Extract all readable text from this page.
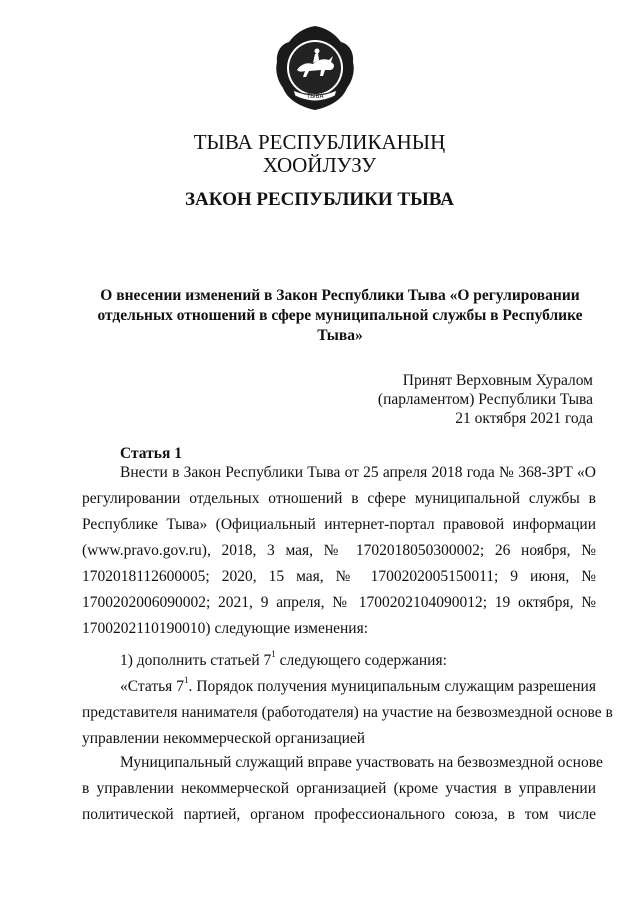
ТЫВА
ТЫВА РЕСПУБЛИКАНЫҢ
ХООЙЛУЗУ
ЗАКОН РЕСПУБЛИКИ ТЫВА
О внесении изменений в Закон Республики Тыва «О регулировании
отдельных отношений в сфере муниципальной службы в Республике
Тыва»
Принят Верховным Хуралом
(парламентом) Республики Тыва
21 октября 2021 года
Статья 1
Внести в Закон Республики Тыва от 25 апреля 2018 года № 368-ЗРТ «О
регулировании отдельных отношений в сфере муниципальной службы в
Республике Тыва» (Официальный интернет-портал правовой информации
(www.pravo.gov.ru), 2018, 3 мая, № 1702018050300002; 26 ноября, №
1702018112600005; 2020, 15 мая, № 1700202005150011; 9 июня, №
1700202006090002; 2021, 9 апреля, № 1700202104090012; 19 октября, №
1700202110190010) следующие изменения:
1) дополнить статьей $7^1$ следующего содержания:
«Статья $7^1$. Порядок получения муниципальным служащим разрешения
представителя нанимателя (работодателя) на участие на безвозмездной основе в
управлении некоммерческой организацией
Муниципальный служащий вправе участвовать на безвозмездной основе
в управлении некоммерческой организацией (кроме участия в управлении
политической партией, органом профессионального союза, в том числе
